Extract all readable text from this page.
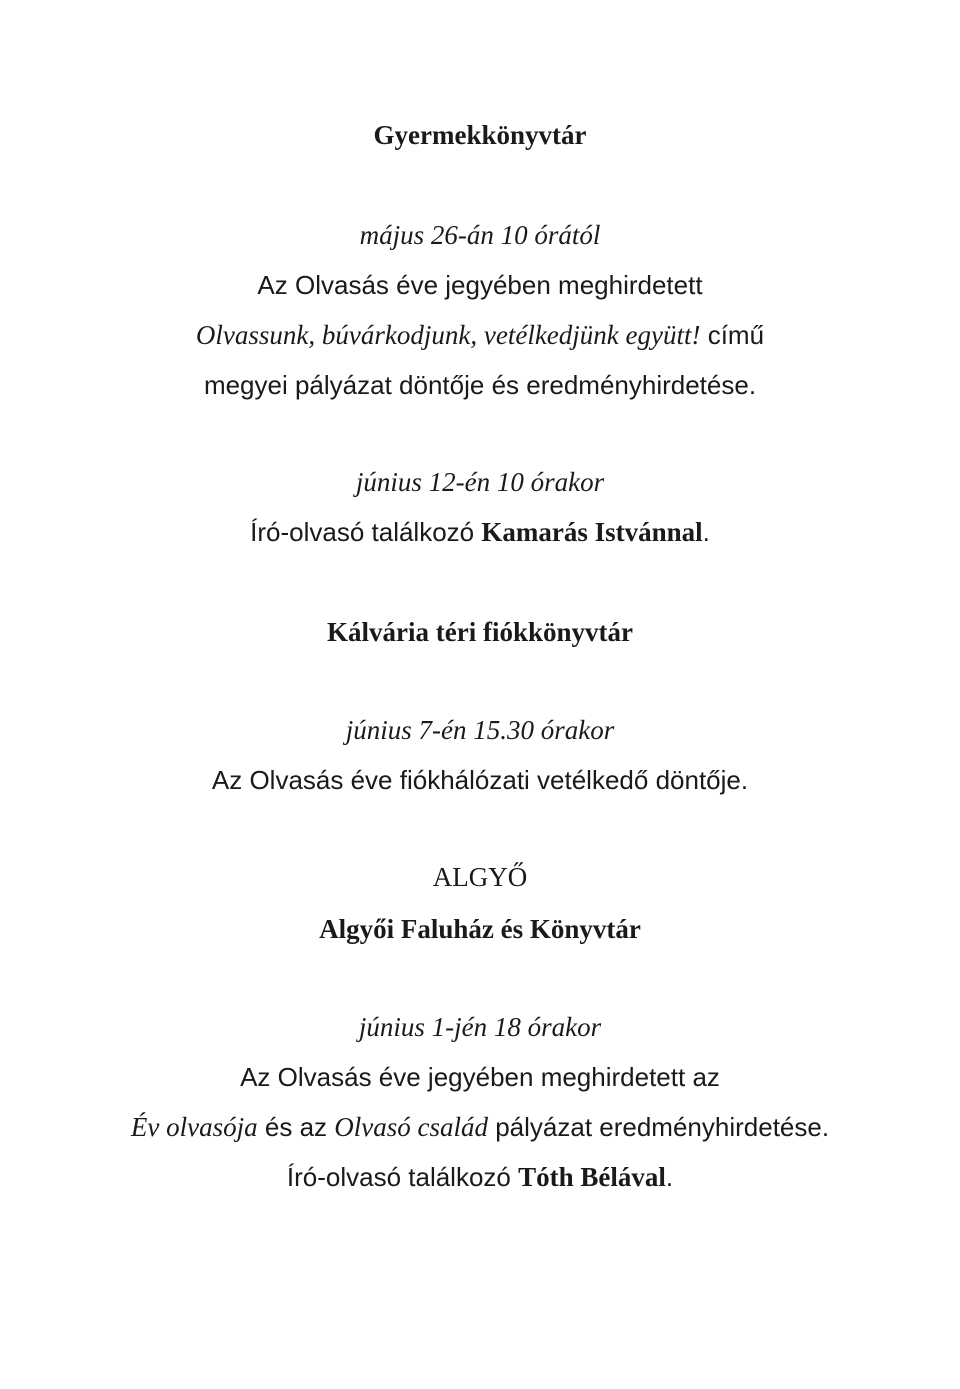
Gyermekkönyvtár
május 26-án 10 órától
Az Olvasás éve jegyében meghirdetett
Olvassunk, búvárkodjunk, vetélkedjünk együtt! című
megyei pályázat döntője és eredményhirdetése.
június 12-én 10 órakor
Író-olvasó találkozó Kamarás Istvánnal.
Kálvária téri fiókkönyvtár
június 7-én 15.30 órakor
Az Olvasás éve fiókhálózati vetélkedő döntője.
ALGYŐ
Algyői Faluház és Könyvtár
június 1-jén 18 órakor
Az Olvasás éve jegyében meghirdetett az
Év olvasója és az Olvasó család pályázat eredményhirdetése.
Író-olvasó találkozó Tóth Bélával.
